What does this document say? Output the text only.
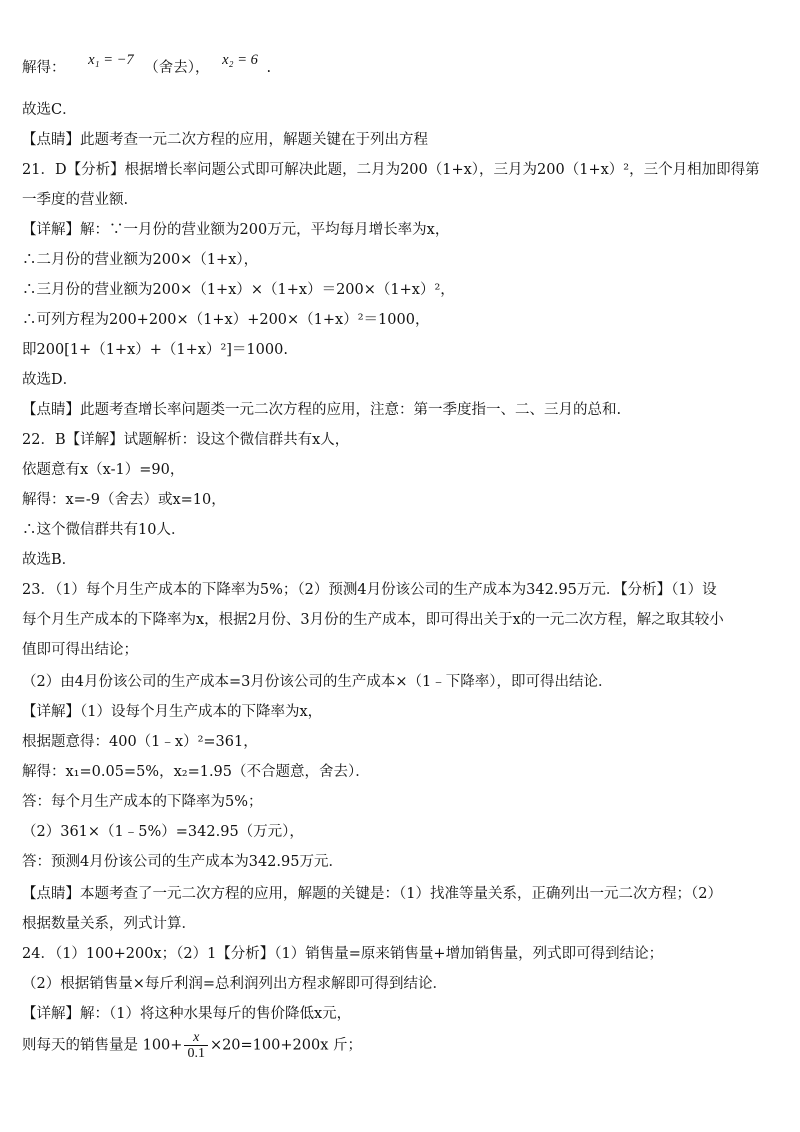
解得： x₁ = −7 （舍去）， x₂ = 6 .
故选C．
【点睛】此题考查一元二次方程的应用，解题关键在于列出方程
21．D【分析】根据增长率问题公式即可解决此题，二月为200（1+x），三月为200（1+x）²，三个月相加即得第
一季度的营业额.
【详解】解：∵一月份的营业额为200万元，平均每月增长率为x，
∴二月份的营业额为200×（1+x），
∴三月份的营业额为200×（1+x）×（1+x）＝200×（1+x）²，
∴可列方程为200+200×（1+x）+200×（1+x）²＝1000，
即200[1+（1+x）+（1+x）²]＝1000.
故选D．
【点睛】此题考查增长率问题类一元二次方程的应用，注意：第一季度指一、二、三月的总和.
22．B【详解】试题解析：设这个微信群共有x人，
依题意有x（x-1）=90，
解得：x=-9（舍去）或x=10，
∴这个微信群共有10人．
故选B．
23．（1）每个月生产成本的下降率为5%；（2）预测4月份该公司的生产成本为342.95万元．【分析】（1）设
每个月生产成本的下降率为x，根据2月份、3月份的生产成本，即可得出关于x的一元二次方程，解之取其较小
值即可得出结论；
（2）由4月份该公司的生产成本=3月份该公司的生产成本×（1﹣下降率），即可得出结论．
【详解】（1）设每个月生产成本的下降率为x，
根据题意得：400（1﹣x）²=361，
解得：x₁=0.05=5%，x₂=1.95（不合题意，舍去）．
答：每个月生产成本的下降率为5%；
（2）361×（1﹣5%）=342.95（万元），
答：预测4月份该公司的生产成本为342.95万元．
【点睛】本题考查了一元二次方程的应用，解题的关键是：（1）找准等量关系，正确列出一元二次方程；（2）
根据数量关系，列式计算．
24．（1）100+200x；（2）1【分析】（1）销售量=原来销售量+增加销售量，列式即可得到结论；
（2）根据销售量×每斤利润=总利润列出方程求解即可得到结论．
【详解】解：（1）将这种水果每斤的售价降低x元，
则每天的销售量是 $100+ \frac{x}{0.1} \times 20=100+200x$ 斤；
